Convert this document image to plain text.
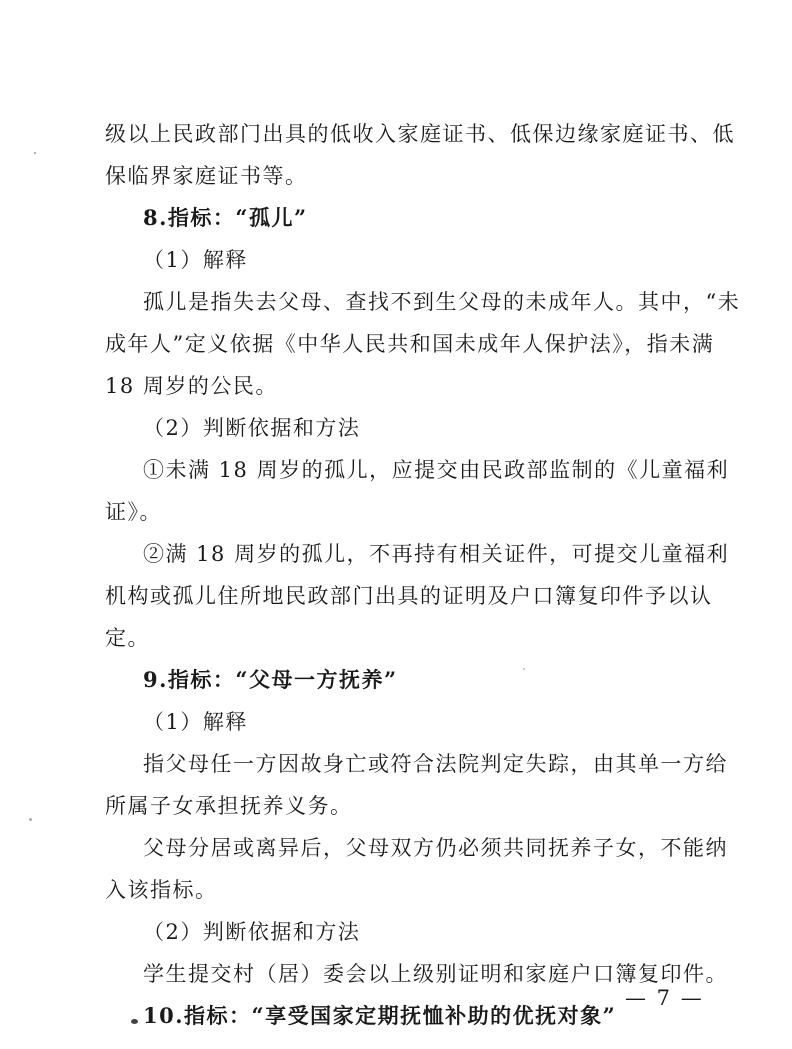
级以上民政部门出具的低收入家庭证书、低保边缘家庭证书、低
保临界家庭证书等。
8.指标：“孤儿”
（1）解释
孤儿是指失去父母、查找不到生父母的未成年人。其中，“未
成年人”定义依据《中华人民共和国未成年人保护法》，指未满
18 周岁的公民。
（2）判断依据和方法
①未满 18 周岁的孤儿，应提交由民政部监制的《儿童福利
证》。
②满 18 周岁的孤儿，不再持有相关证件，可提交儿童福利
机构或孤儿住所地民政部门出具的证明及户口簿复印件予以认
定。
9.指标：“父母一方抚养”
（1）解释
指父母任一方因故身亡或符合法院判定失踪，由其单一方给
所属子女承担抚养义务。
父母分居或离异后，父母双方仍必须共同抚养子女，不能纳
入该指标。
（2）判断依据和方法
学生提交村（居）委会以上级别证明和家庭户口簿复印件。
10.指标：“享受国家定期抚恤补助的优抚对象”
— 7 —
